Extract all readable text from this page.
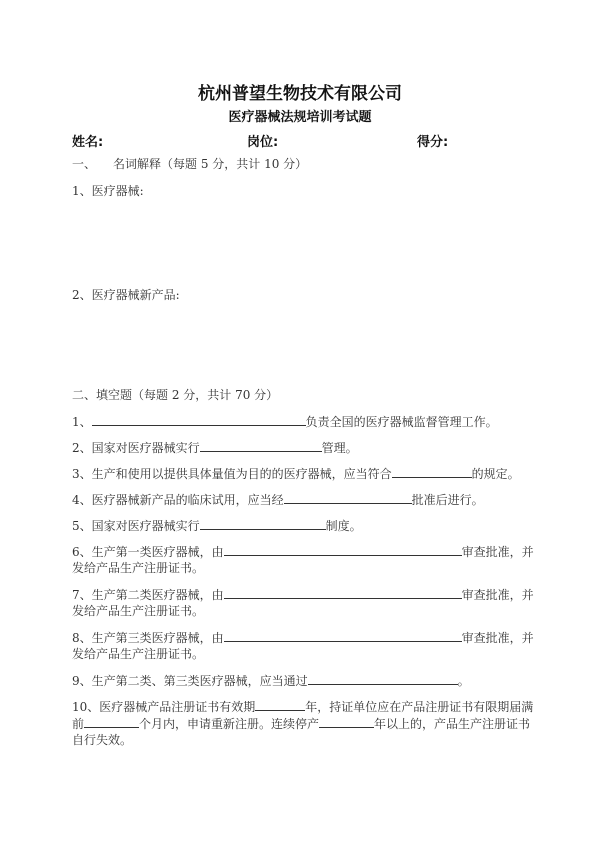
杭州普望生物技术有限公司
医疗器械法规培训考试题
姓名:	岗位:	得分:
一、 名词解释（每题 5 分，共计 10 分）
1、医疗器械:
2、医疗器械新产品:
二、填空题（每题 2 分，共计 70 分）
1、	负责全国的医疗器械监督管理工作。
2、国家对医疗器械实行	管理。
3、生产和使用以提供具体量值为目的的医疗器械，应当符合	的规定。
4、医疗器械新产品的临床试用，应当经	批准后进行。
5、国家对医疗器械实行	制度。
6、生产第一类医疗器械，由	审查批准，并
发给产品生产注册证书。
7、生产第二类医疗器械，由	审查批准，并
发给产品生产注册证书。
8、生产第三类医疗器械，由	审查批准，并
发给产品生产注册证书。
9、生产第二类、第三类医疗器械，应当通过	。
10、医疗器械产品注册证书有效期	年，持证单位应在产品注册证书有限期届满
前	个月内，申请重新注册。连续停产	年以上的，产品生产注册证书
自行失效。
